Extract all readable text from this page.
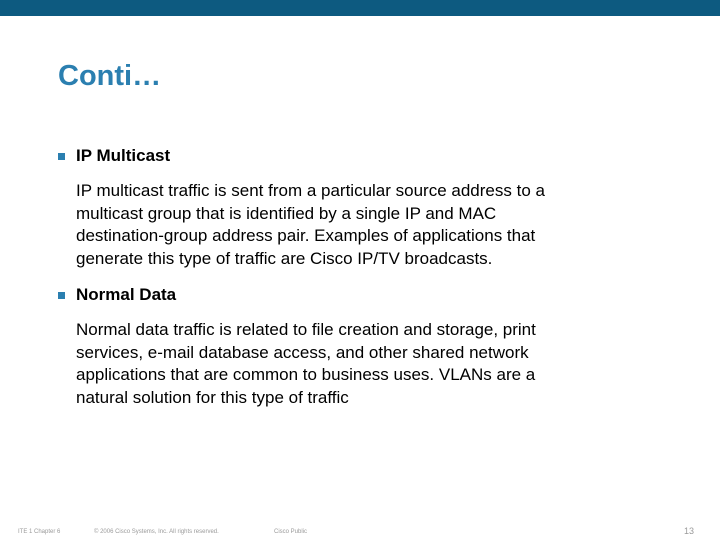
Conti…
IP Multicast

IP multicast traffic is sent from a particular source address to a
multicast group that is identified by a single IP and MAC
destination-group address pair. Examples of applications that
generate this type of traffic are Cisco IP/TV broadcasts.

Normal Data

Normal data traffic is related to file creation and storage, print
services, e-mail database access, and other shared network
applications that are common to business uses. VLANs are a
natural solution for this type of traffic

ITE 1 Chapter 6	© 2006 Cisco Systems, Inc. All rights reserved.	Cisco Public	13
